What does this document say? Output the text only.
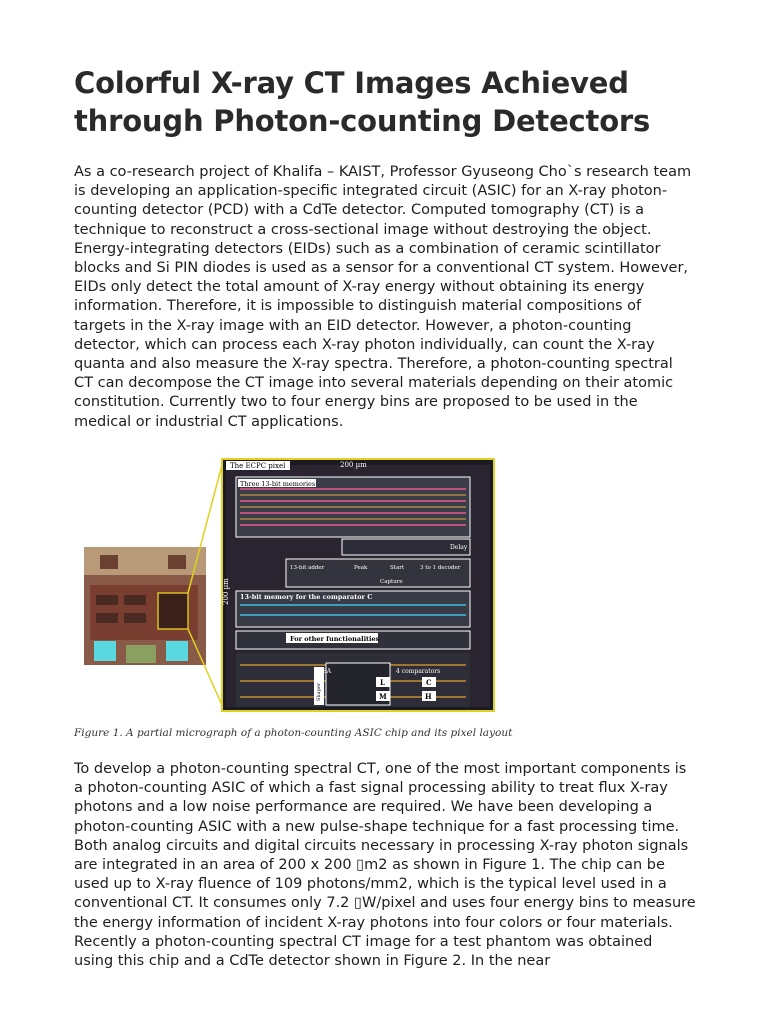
Colorful X-ray CT Images Achieved through Photon-counting Detectors

As a co-research project of Khalifa – KAIST, Professor Gyuseong Cho`s research team is developing an application-specific integrated circuit (ASIC) for an X-ray photon-counting detector (PCD) with a CdTe detector. Computed tomography (CT) is a technique to reconstruct a cross-sectional image without destroying the object. Energy-integrating detectors (EIDs) such as a combination of ceramic scintillator blocks and Si PIN diodes is used as a sensor for a conventional CT system. However, EIDs only detect the total amount of X-ray energy without obtaining its energy information. Therefore, it is impossible to distinguish material compositions of targets in the X-ray image with an EID detector. However, a photon-counting detector, which can process each X-ray photon individually, can count the X-ray quanta and also measure the X-ray spectra. Therefore, a photon-counting spectral CT can decompose the CT image into several materials depending on their atomic constitution. Currently two to four energy bins are proposed to be used in the medical or industrial CT applications.

The ECPC pixel	200 µm
200 µm
Three 13-bit memories
Delay
13-bit adder	Peak	Start	3 to 1 decoder
Capture
13-bit memory for the comparator C
For other functionalities
CSA
Shaper
4 comparators
L	C
M	H
Figure 1. A partial micrograph of a photon-counting ASIC chip and its pixel layout

To develop a photon-counting spectral CT, one of the most important components is a photon-counting ASIC of which a fast signal processing ability to treat flux X-ray photons and a low noise performance are required. We have been developing a photon-counting ASIC with a new pulse-shape technique for a fast processing time. Both analog circuits and digital circuits necessary in processing X-ray photon signals are integrated in an area of 200 x 200 ▯m2 as shown in Figure 1. The chip can be used up to X-ray fluence of 109 photons/mm2, which is the typical level used in a conventional CT. It consumes only 7.2 ▯W/pixel and uses four energy bins to measure the energy information of incident X-ray photons into four colors or four materials. Recently a photon-counting spectral CT image for a test phantom was obtained using this chip and a CdTe detector shown in Figure 2. In the near
